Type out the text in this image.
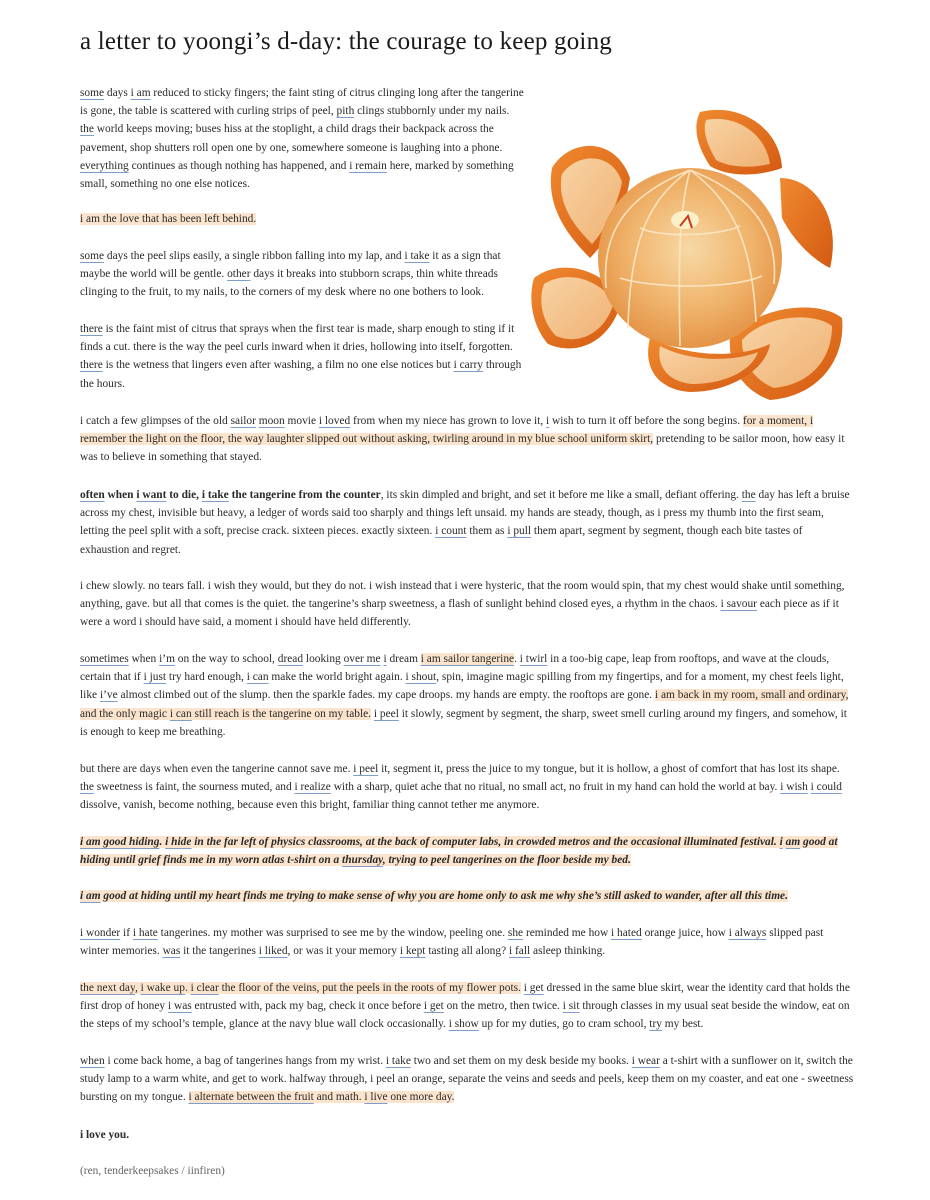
a letter to yoongi’s d-day: the courage to keep going

some days i am reduced to sticky fingers; the faint sting of citrus clinging long after the tangerine is gone, the table is scattered with curling strips of peel, pith clings stubbornly under my nails. the world keeps moving; buses hiss at the stoplight, a child drags their backpack across the pavement, shop shutters roll open one by one, somewhere someone is laughing into a phone. everything continues as though nothing has happened, and i remain here, marked by something small, something no one else notices.

i am the love that has been left behind.

some days the peel slips easily, a single ribbon falling into my lap, and i take it as a sign that maybe the world will be gentle. other days it breaks into stubborn scraps, thin white threads clinging to the fruit, to my nails, to the corners of my desk where no one bothers to look.

there is the faint mist of citrus that sprays when the first tear is made, sharp enough to sting if it finds a cut. there is the way the peel curls inward when it dries, hollowing into itself, forgotten. there is the wetness that lingers even after washing, a film no one else notices but i carry through the hours.

i catch a few glimpses of the old sailor moon movie i loved from when my niece has grown to love it, i wish to turn it off before the song begins. for a moment, i remember the light on the floor, the way laughter slipped out without asking, twirling around in my blue school uniform skirt, pretending to be sailor moon, how easy it was to believe in something that stayed.

often when i want to die, i take the tangerine from the counter, its skin dimpled and bright, and set it before me like a small, defiant offering. the day has left a bruise across my chest, invisible but heavy, a ledger of words said too sharply and things left unsaid. my hands are steady, though, as i press my thumb into the first seam, letting the peel split with a soft, precise crack. sixteen pieces. exactly sixteen. i count them as i pull them apart, segment by segment, though each bite tastes of exhaustion and regret.

i chew slowly. no tears fall. i wish they would, but they do not. i wish instead that i were hysteric, that the room would spin, that my chest would shake until something, anything, gave. but all that comes is the quiet. the tangerine’s sharp sweetness, a flash of sunlight behind closed eyes, a rhythm in the chaos. i savour each piece as if it were a word i should have said, a moment i should have held differently.

sometimes when i’m on the way to school, dread looking over me i dream i am sailor tangerine. i twirl in a too-big cape, leap from rooftops, and wave at the clouds, certain that if i just try hard enough, i can make the world bright again. i shout, spin, imagine magic spilling from my fingertips, and for a moment, my chest feels light, like i’ve almost climbed out of the slump. then the sparkle fades. my cape droops. my hands are empty. the rooftops are gone. i am back in my room, small and ordinary, and the only magic i can still reach is the tangerine on my table. i peel it slowly, segment by segment, the sharp, sweet smell curling around my fingers, and somehow, it is enough to keep me breathing.

but there are days when even the tangerine cannot save me. i peel it, segment it, press the juice to my tongue, but it is hollow, a ghost of comfort that has lost its shape. the sweetness is faint, the sourness muted, and i realize with a sharp, quiet ache that no ritual, no small act, no fruit in my hand can hold the world at bay. i wish i could dissolve, vanish, become nothing, because even this bright, familiar thing cannot tether me anymore.

i am good hiding. i hide in the far left of physics classrooms, at the back of computer labs, in crowded metros and the occasional illuminated festival. i am good at hiding until grief finds me in my worn atlas t-shirt on a thursday, trying to peel tangerines on the floor beside my bed.

i am good at hiding until my heart finds me trying to make sense of why you are home only to ask me why she’s still asked to wander, after all this time.

i wonder if i hate tangerines. my mother was surprised to see me by the window, peeling one. she reminded me how i hated orange juice, how i always slipped past winter memories. was it the tangerines i liked, or was it your memory i kept tasting all along? i fall asleep thinking.

the next day, i wake up. i clear the floor of the veins, put the peels in the roots of my flower pots. i get dressed in the same blue skirt, wear the identity card that holds the first drop of honey i was entrusted with, pack my bag, check it once before i get on the metro, then twice. i sit through classes in my usual seat beside the window, eat on the steps of my school’s temple, glance at the navy blue wall clock occasionally. i show up for my duties, go to cram school, try my best.

when i come back home, a bag of tangerines hangs from my wrist. i take two and set them on my desk beside my books. i wear a t-shirt with a sunflower on it, switch the study lamp to a warm white, and get to work. halfway through, i peel an orange, separate the veins and seeds and peels, keep them on my coaster, and eat one - sweetness bursting on my tongue. i alternate between the fruit and math. i live one more day.

i love you.

(ren, tenderkeepsakes / iinfiren)
